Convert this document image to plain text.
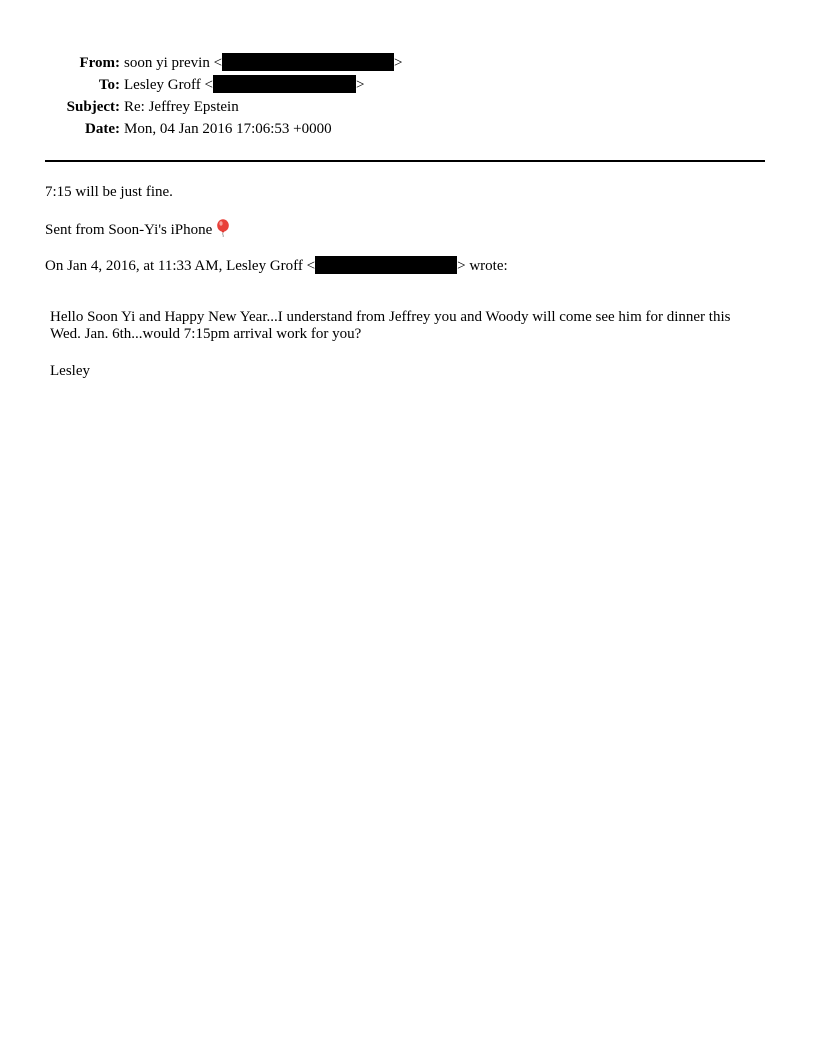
From: soon yi previn <	>
To: Lesley Groff <	>
Subject: Re: Jeffrey Epstein
Date: Mon, 04 Jan 2016 17:06:53 +0000
7:15 will be just fine.
Sent from Soon-Yi's iPhone
On Jan 4, 2016, at 11:33 AM, Lesley Groff <	> wrote:
Hello Soon Yi and Happy New Year...I understand from Jeffrey you and Woody will come see him for dinner this Wed. Jan. 6th...would 7:15pm arrival work for you?
Lesley
